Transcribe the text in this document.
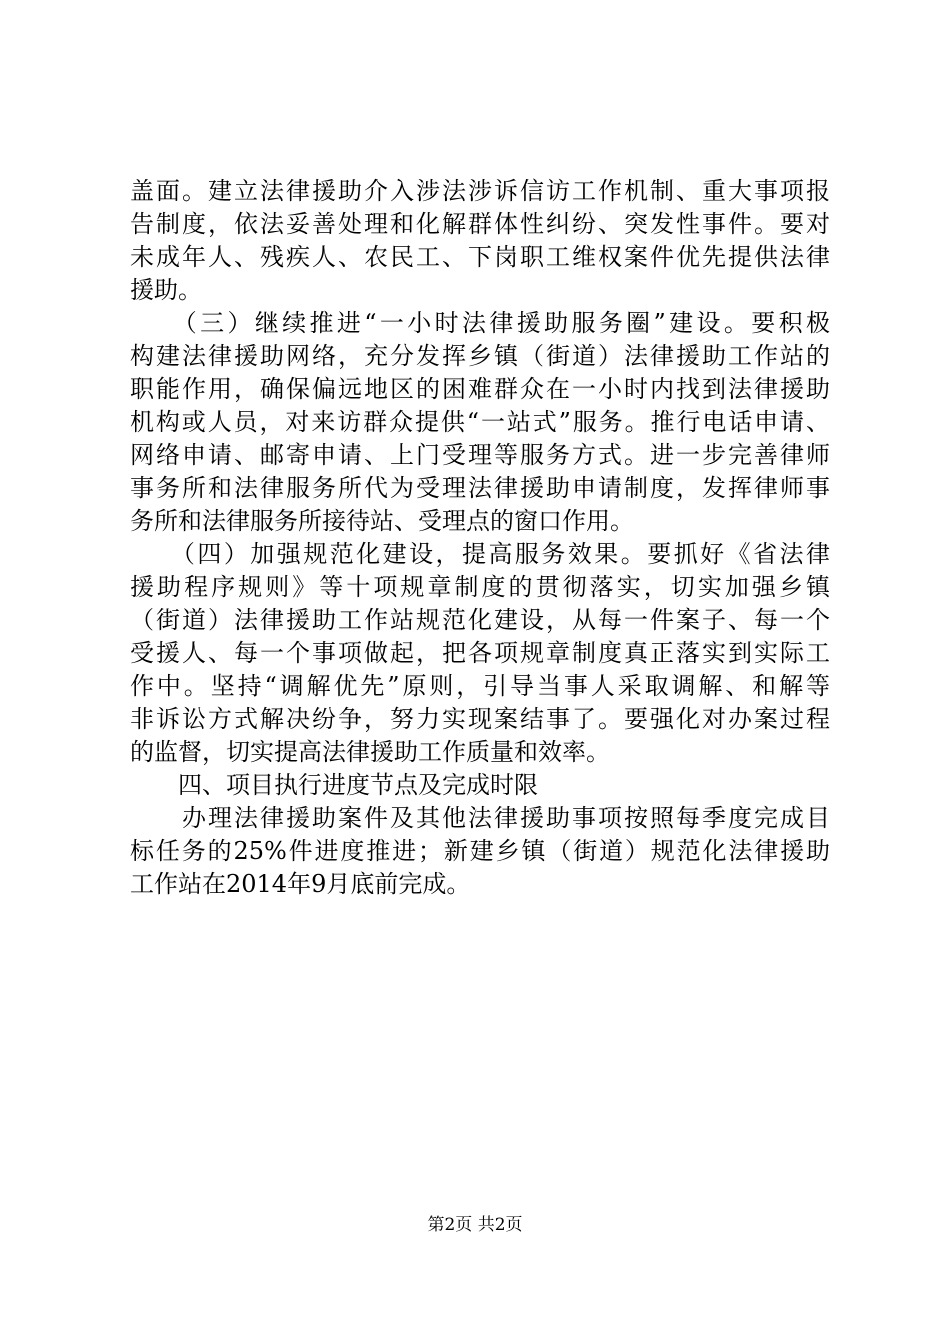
盖面。建立法律援助介入涉法涉诉信访工作机制、重大事项报
告制度，依法妥善处理和化解群体性纠纷、突发性事件。要对
未成年人、残疾人、农民工、下岗职工维权案件优先提供法律
援助。
　　（三）继续推进“一小时法律援助服务圈”建设。要积极
构建法律援助网络，充分发挥乡镇（街道）法律援助工作站的
职能作用，确保偏远地区的困难群众在一小时内找到法律援助
机构或人员，对来访群众提供“一站式”服务。推行电话申请、
网络申请、邮寄申请、上门受理等服务方式。进一步完善律师
事务所和法律服务所代为受理法律援助申请制度，发挥律师事
务所和法律服务所接待站、受理点的窗口作用。
　　（四）加强规范化建设，提高服务效果。要抓好《省法律
援助程序规则》等十项规章制度的贯彻落实，切实加强乡镇
（街道）法律援助工作站规范化建设，从每一件案子、每一个
受援人、每一个事项做起，把各项规章制度真正落实到实际工
作中。坚持“调解优先”原则，引导当事人采取调解、和解等
非诉讼方式解决纷争，努力实现案结事了。要强化对办案过程
的监督，切实提高法律援助工作质量和效率。
　　四、项目执行进度节点及完成时限
　　办理法律援助案件及其他法律援助事项按照每季度完成目
标任务的25%件进度推进；新建乡镇（街道）规范化法律援助
工作站在2014年9月底前完成。
第2页 共2页
